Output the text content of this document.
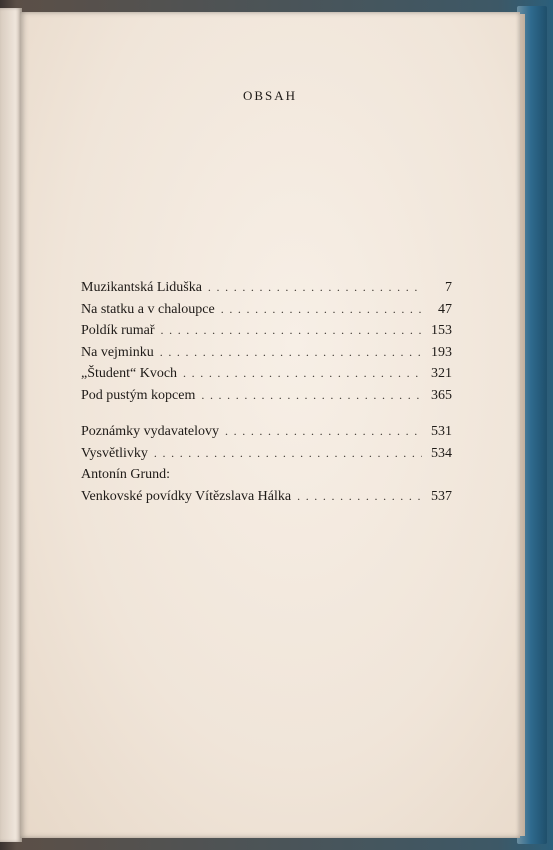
OBSAH
Muzikantská Liduška . . .	7
Na statku a v chaloupce . . .	47
Poldík rumař . . .	153
Na vejminku . . .	193
„Študent“ Kvoch . . .	321
Pod pustým kopcem . . .	365
Poznámky vydavatelovy . . .	531
Vysvětlivky . . .	534
Antonín Grund:
Venkovské povídky Vítězslava Hálka . . .	537
